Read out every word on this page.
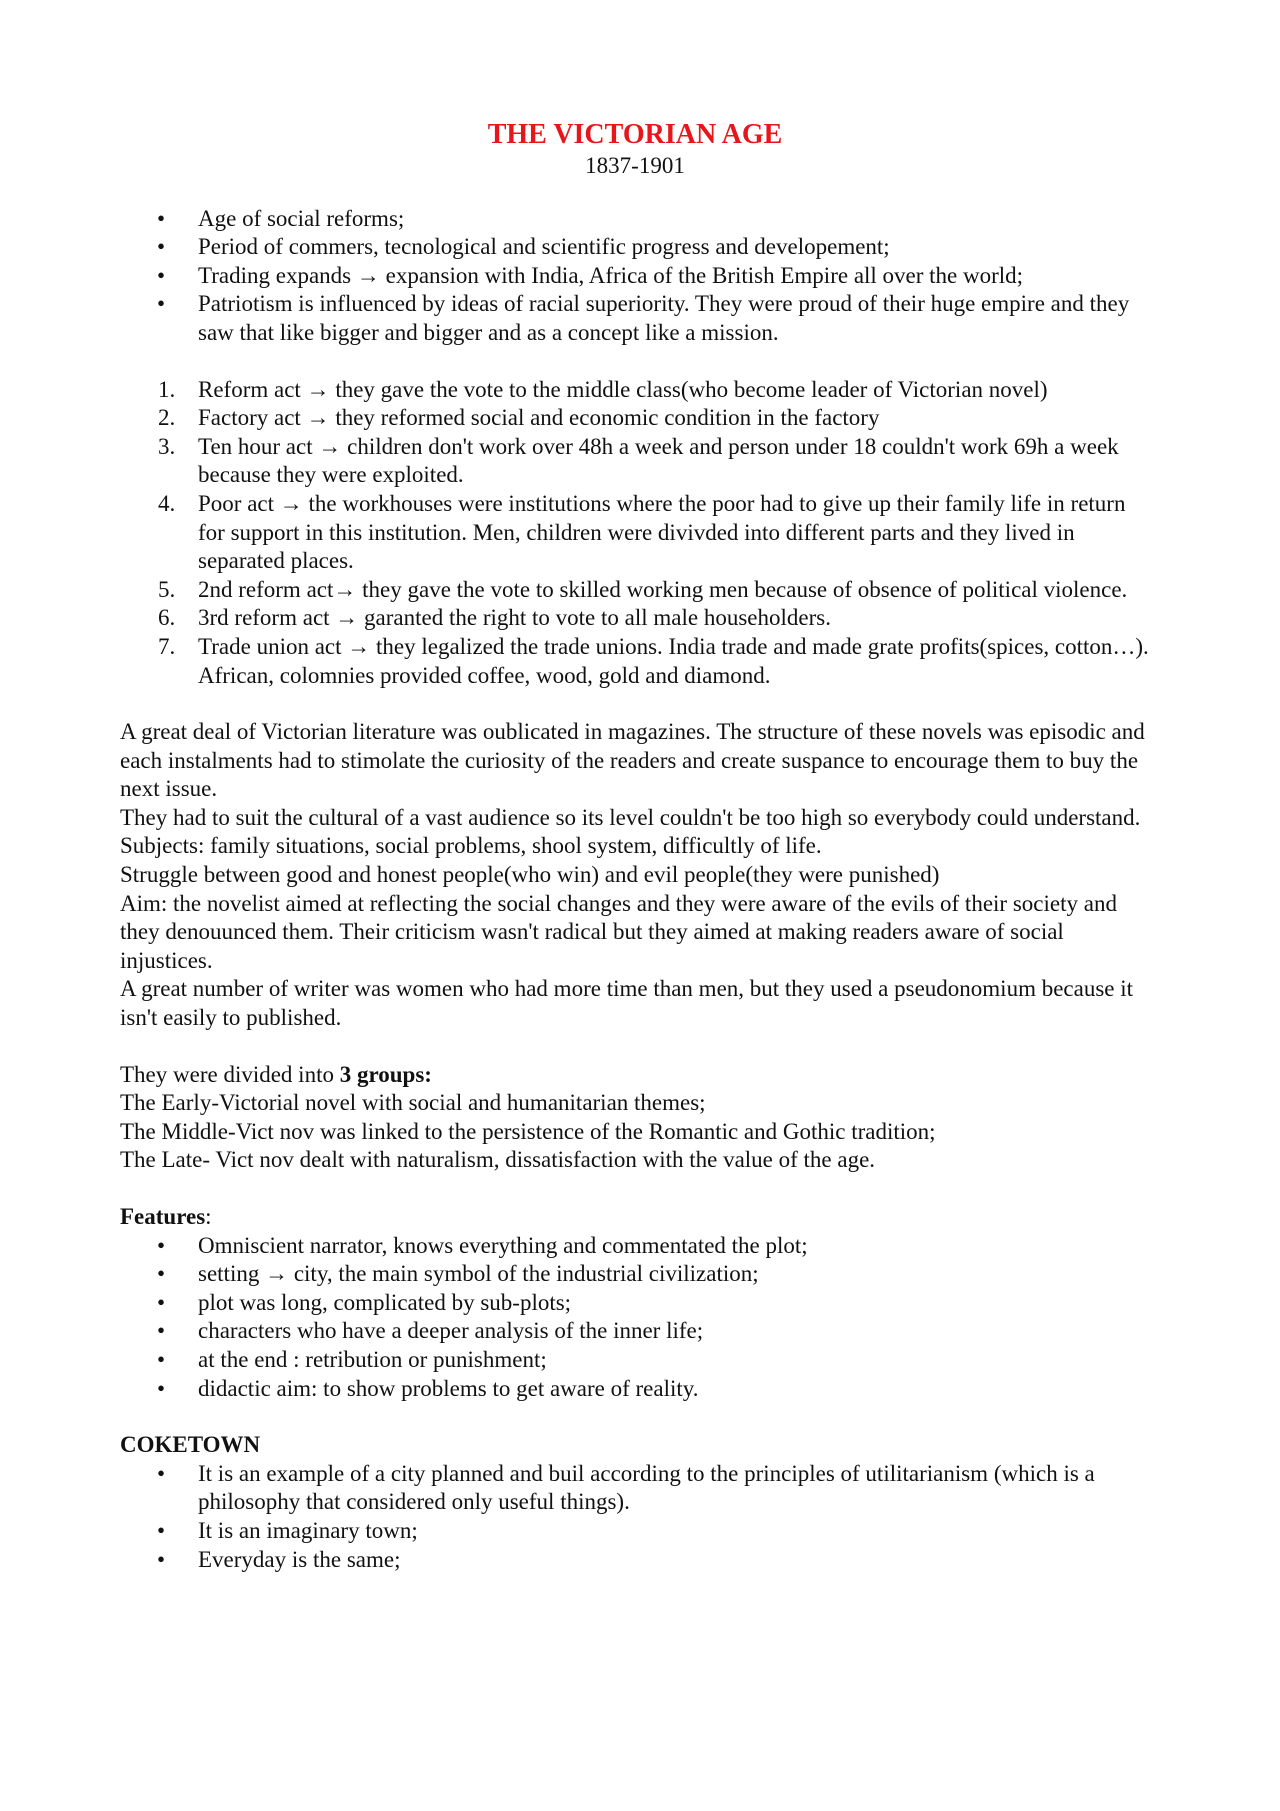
THE VICTORIAN AGE
1837-1901
•	Age of social reforms;
•	Period of commers, tecnological and scientific progress and developement;
•	Trading expands → expansion with India, Africa of the British Empire all over the world;
•	Patriotism is influenced by ideas of racial superiority. They were proud of their huge empire and they saw that like bigger and bigger and as a concept like a mission.
1. Reform act → they gave the vote to the middle class(who become leader of Victorian novel)
2. Factory act → they reformed social and economic condition in the factory
3. Ten hour act → children don't work over 48h a week and person under 18 couldn't work 69h a week because they were exploited.
4. Poor act → the workhouses were institutions where the poor had to give up their family life in return for support in this institution. Men, children were divivded into different parts and they lived in separated places.
5. 2nd reform act→ they gave the vote to skilled working men because of obsence of political violence.
6. 3rd reform act → garanted the right to vote to all male householders.
7. Trade union act → they legalized the trade unions. India trade and made grate profits(spices, cotton…). African, colomnies provided coffee, wood, gold and diamond.

A great deal of Victorian literature was oublicated in magazines. The structure of these novels was episodic and each instalments had to stimolate the curiosity of the readers and create suspance to encourage them to buy the next issue.

They had to suit the cultural of a vast audience so its level couldn't be too high so everybody could understand.

Subjects: family situations, social problems, shool system, difficultly of life.

Struggle between good and honest people(who win) and evil people(they were punished)

Aim: the novelist aimed at reflecting the social changes and they were aware of the evils of their society and they denouunced them. Their criticism wasn't radical but they aimed at making readers aware of social injustices.

A great number of writer was women who had more time than men, but they used a pseudonomium because it isn't easily to published.

They were divided into 3 groups:

The Early-Victorial novel with social and humanitarian themes;

The Middle-Vict nov was linked to the persistence of the Romantic and Gothic tradition;

The Late- Vict nov dealt with naturalism, dissatisfaction with the value of the age.

Features:

•	Omniscient narrator, knows everything and commentated the plot;
•	setting → city, the main symbol of the industrial civilization;
•	plot was long, complicated by sub-plots;
•	characters who have a deeper analysis of the inner life;
•	at the end : retribution or punishment;
•	didactic aim: to show problems to get aware of reality.

COKETOWN

•	It is an example of a city planned and buil according to the principles of utilitarianism (which is a philosophy that considered only useful things).
•	It is an imaginary town;
•	Everyday is the same;
